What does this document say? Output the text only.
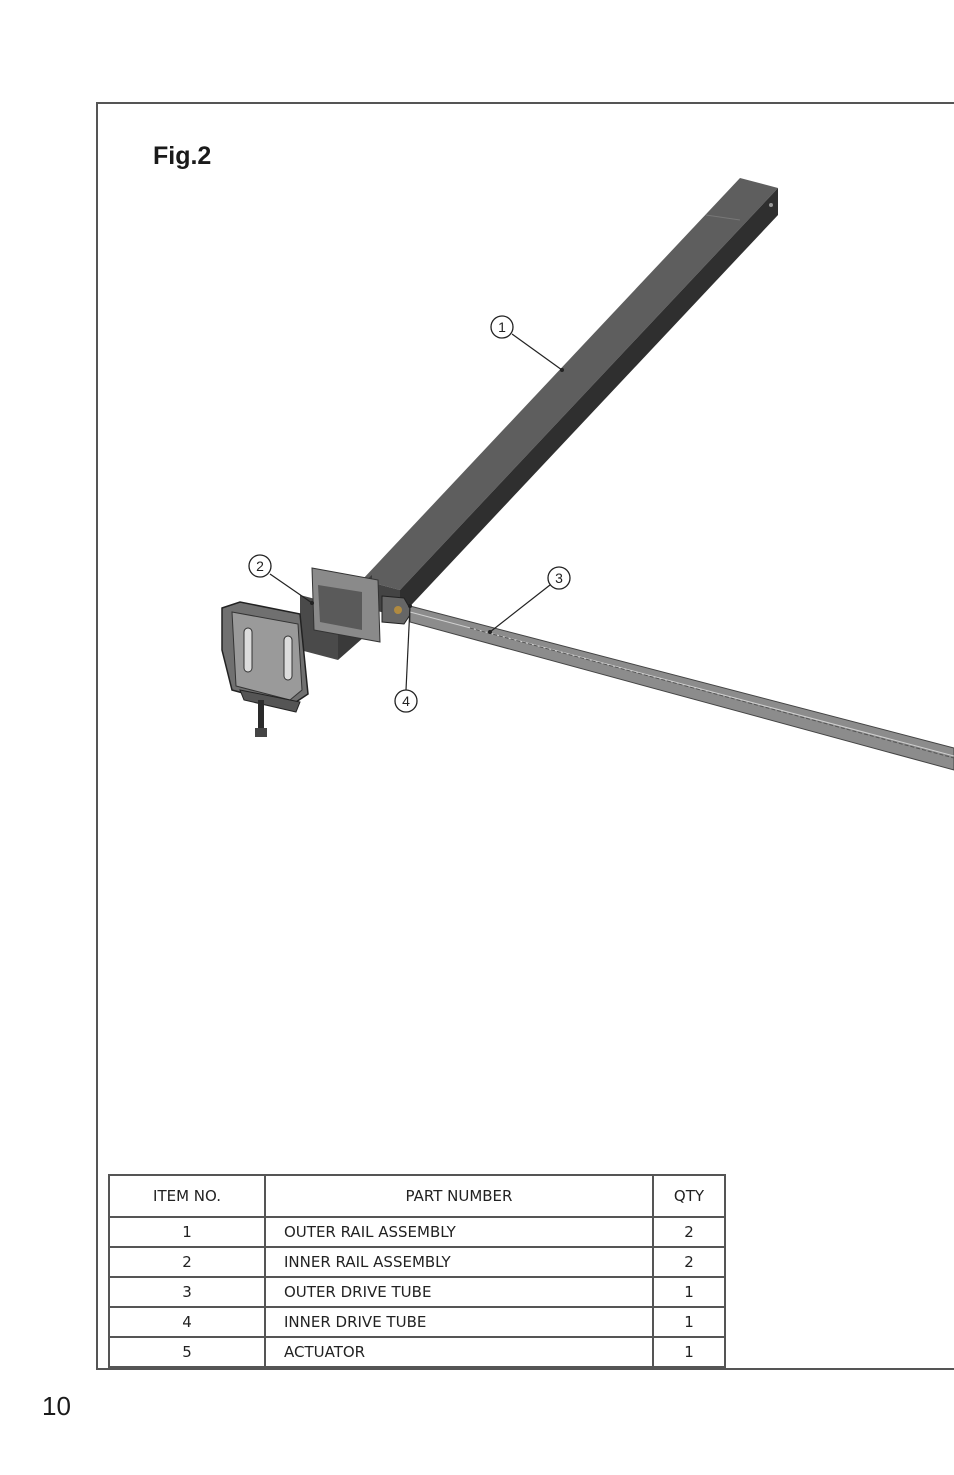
Fig.2
1
2
3
4
ITEM NO.	PART NUMBER	QTY
1	OUTER RAIL ASSEMBLY	2
2	INNER RAIL ASSEMBLY	2
3	OUTER DRIVE TUBE	1
4	INNER DRIVE TUBE	1
5	ACTUATOR	1
10
